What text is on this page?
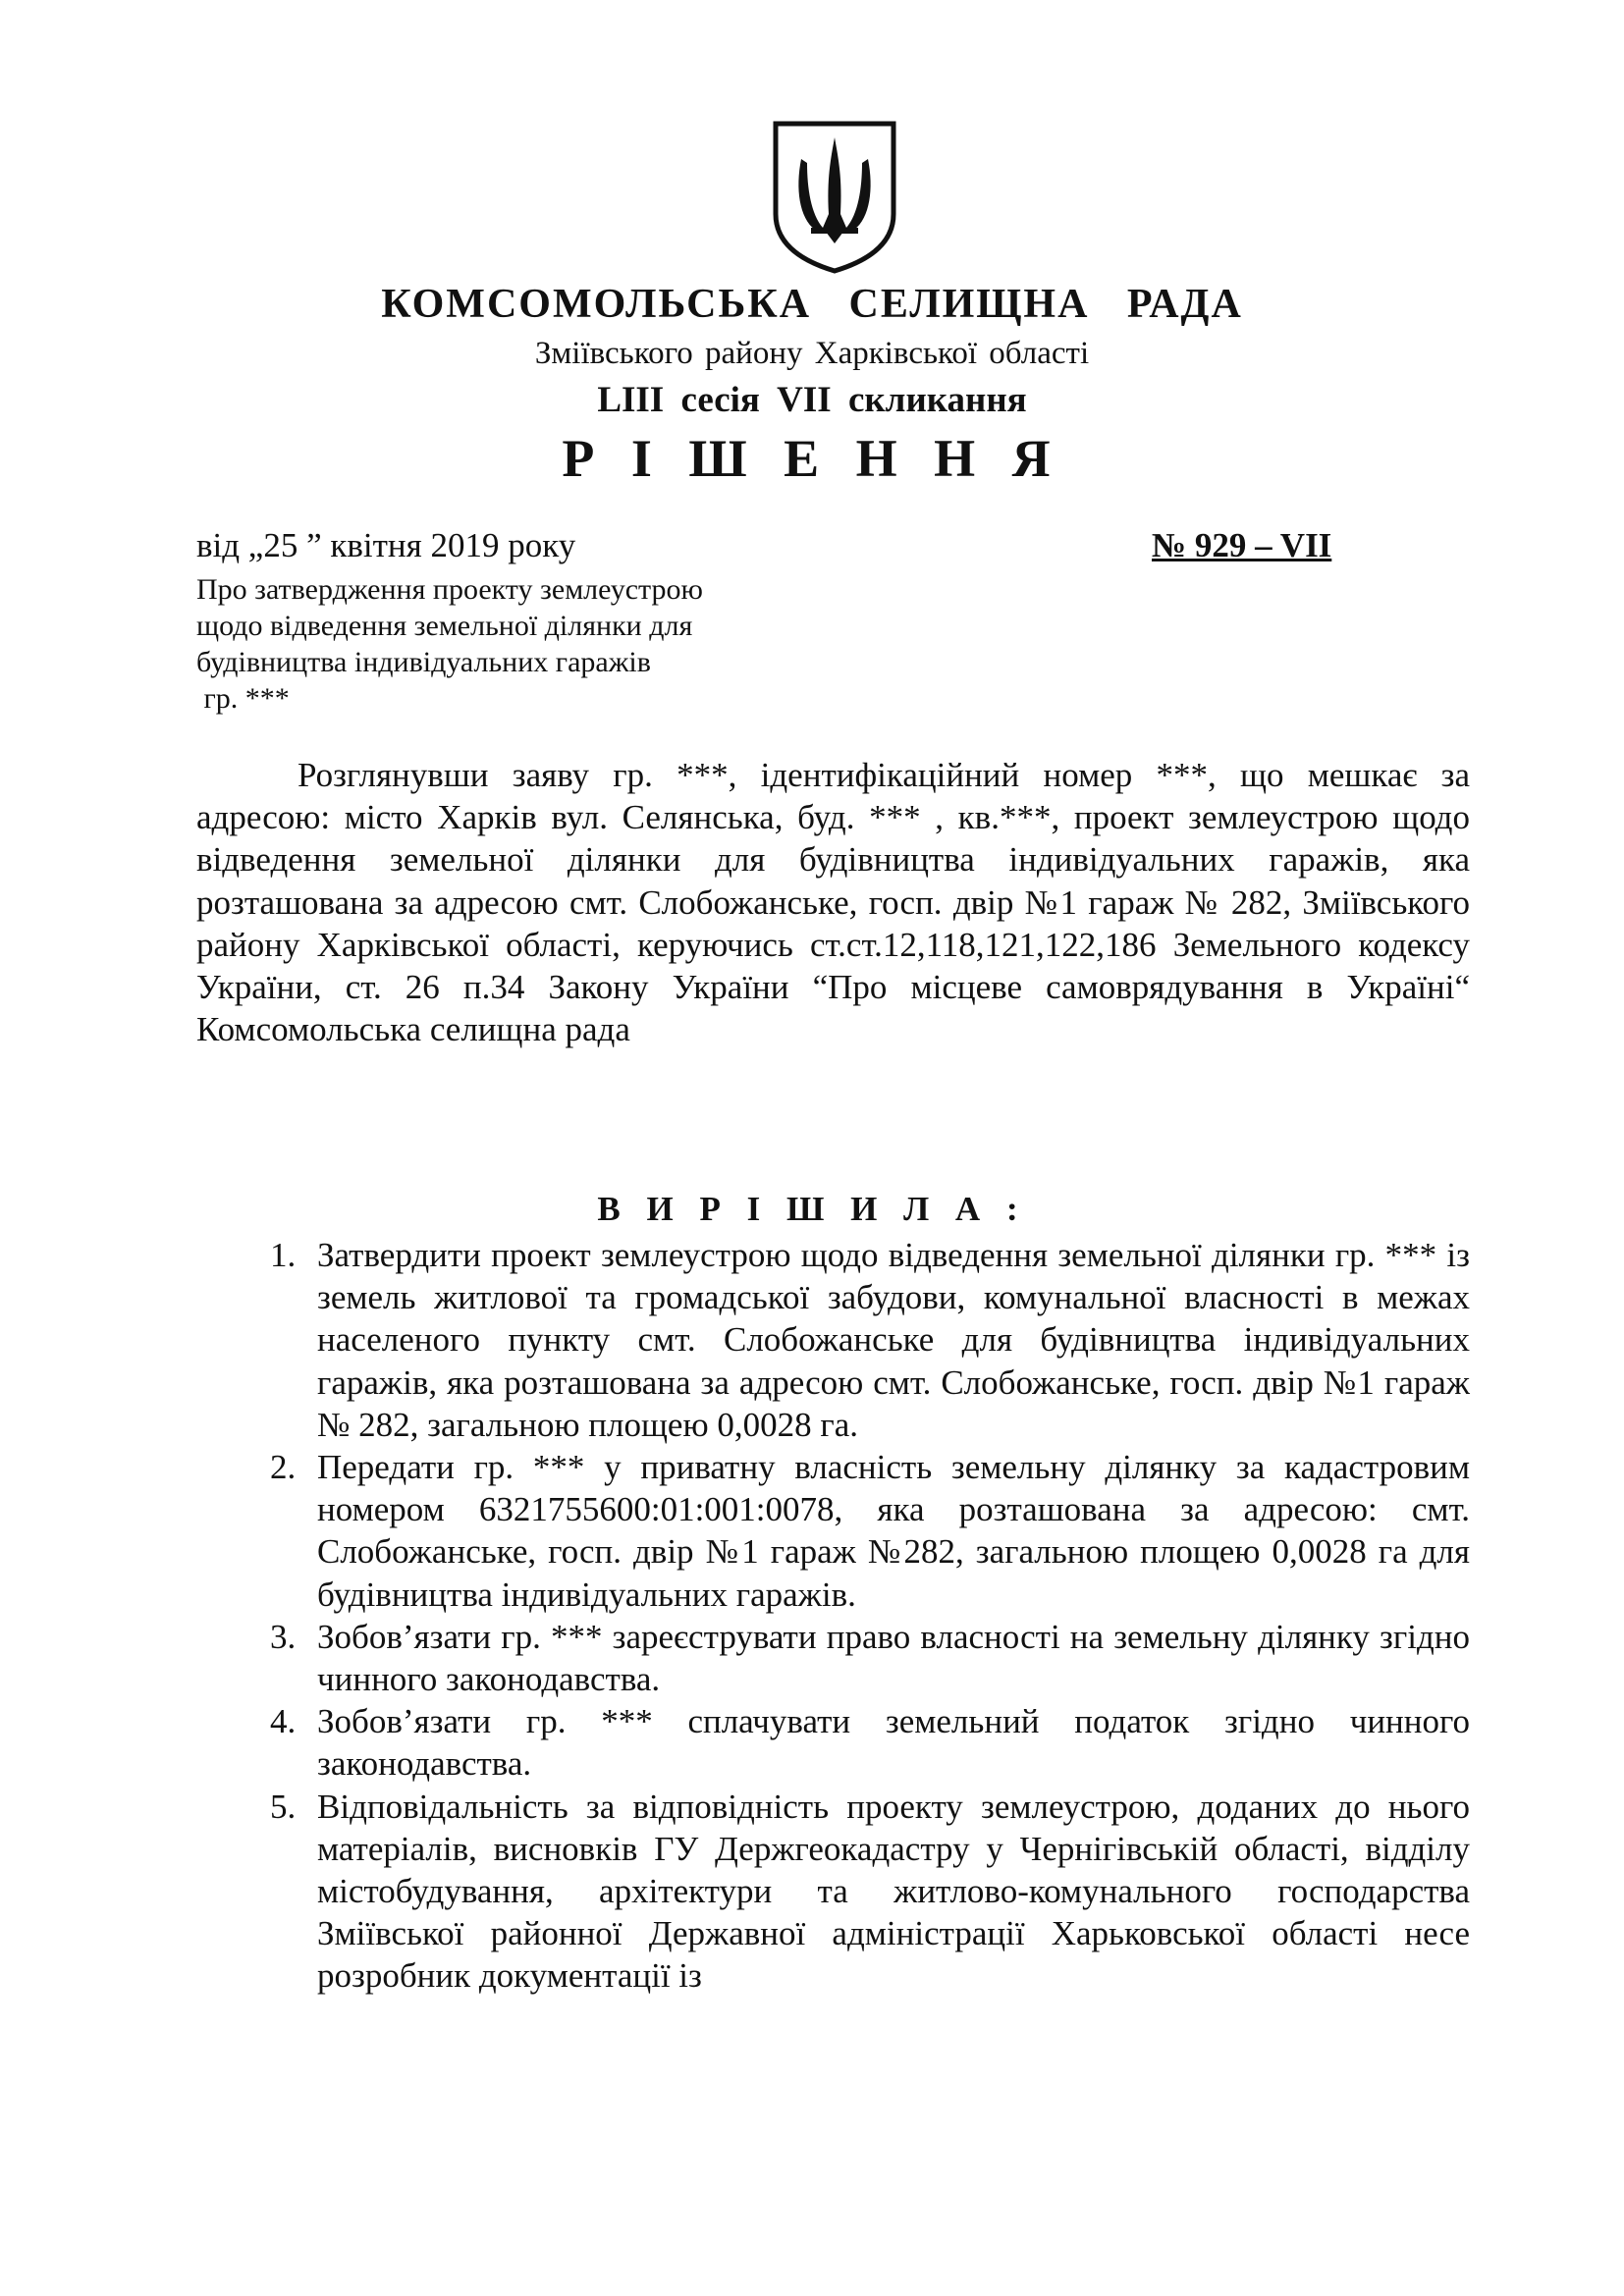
КОМСОМОЛЬСЬКА СЕЛИЩНА РАДА
Зміївського району Харківської області
LIII сесія VII скликання
Р І Ш Е Н Н Я
від „25 ” квітня 2019 року	№ 929 – VII
Про затвердження проекту землеустрою
щодо відведення земельної ділянки для
будівництва індивідуальних гаражів
гр. ***
Розглянувши заяву гр. ***, ідентифікаційний номер ***, що мешкає за адресою: місто Харків вул. Селянська, буд. *** , кв.***, проект землеустрою щодо відведення земельної ділянки для будівництва індивідуальних гаражів, яка розташована за адресою смт. Слобожанське, госп. двір №1 гараж № 282, Зміївського району Харківської області, керуючись ст.ст.12,118,121,122,186 Земельного кодексу України, ст. 26 п.34 Закону України “Про місцеве самоврядування в Україні“ Комсомольська селищна рада
В И Р І Ш И Л А :
1. Затвердити проект землеустрою щодо відведення земельної ділянки гр. *** із земель житлової та громадської забудови, комунальної власності в межах населеного пункту смт. Слобожанське для будівництва індивідуальних гаражів, яка розташована за адресою смт. Слобожанське, госп. двір №1 гараж № 282, загальною площею 0,0028 га.
2. Передати гр. *** у приватну власність земельну ділянку за кадастровим номером 6321755600:01:001:0078, яка розташована за адресою: смт. Слобожанське, госп. двір №1 гараж №282, загальною площею 0,0028 га для будівництва індивідуальних гаражів.
3. Зобов’язати гр. *** зареєструвати право власності на земельну ділянку згідно чинного законодавства.
4. Зобов’язати гр. *** сплачувати земельний податок згідно чинного законодавства.
5. Відповідальність за відповідність проекту землеустрою, доданих до нього матеріалів, висновків ГУ Держгеокадастру у Чернігівській області, відділу містобудування, архітектури та житлово-комунального господарства Зміївської районної Державної адміністрації Харьковської області несе розробник документації із
